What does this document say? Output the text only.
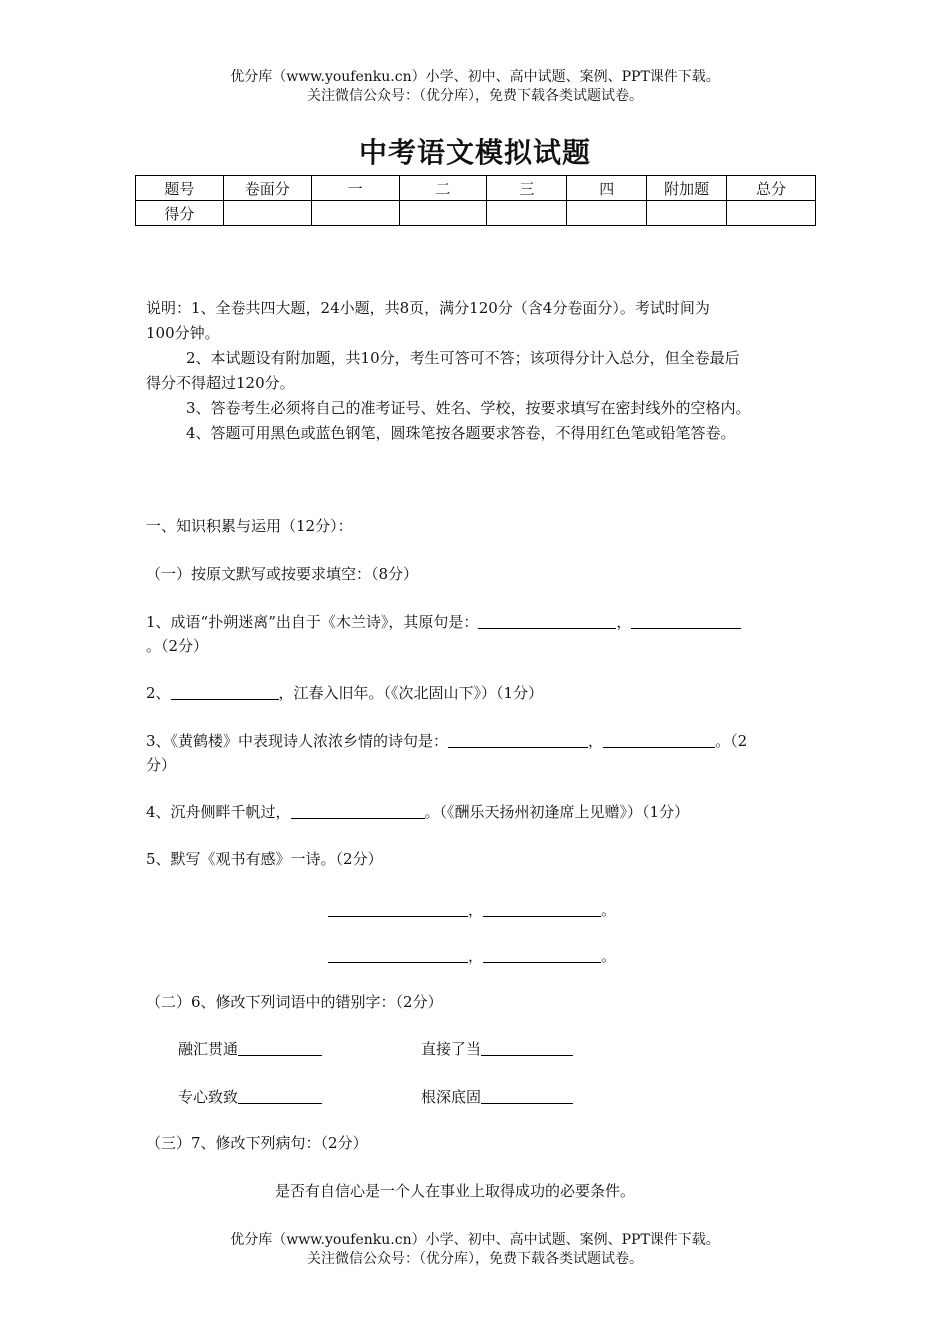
优分库（www.youfenku.cn）小学、初中、高中试题、案例、PPT课件下载。
关注微信公众号：（优分库），免费下载各类试题试卷。
中考语文模拟试题
题号	卷面分	一	二	三	四	附加题	总分
得分							
说明：1、全卷共四大题，24小题，共8页，满分120分（含4分卷面分）。考试时间为
100分钟。
2、本试题设有附加题，共10分，考生可答可不答；该项得分计入总分，但全卷最后
得分不得超过120分。
3、答卷考生必须将自己的准考证号、姓名、学校，按要求填写在密封线外的空格内。
4、答题可用黑色或蓝色钢笔，圆珠笔按各题要求答卷，不得用红色笔或铅笔答卷。
一、知识积累与运用（12分）：
（一）按原文默写或按要求填空：（8分）
1、成语“扑朔迷离”出自于《木兰诗》，其原句是：	，
。（2分）
2、	，江春入旧年。（《次北固山下》）（1分）
3、《黄鹤楼》中表现诗人浓浓乡情的诗句是：	，	。（2
分）
4、沉舟侧畔千帆过，	。（《酬乐天扬州初逢席上见赠》）（1分）
5、默写《观书有感》一诗。（2分）
，	。
，	。
（二）6、修改下列词语中的错别字：（2分）
融汇贯通	直接了当
专心致致	根深底固
（三）7、修改下列病句：（2分）
是否有自信心是一个人在事业上取得成功的必要条件。
优分库（www.youfenku.cn）小学、初中、高中试题、案例、PPT课件下载。
关注微信公众号：（优分库），免费下载各类试题试卷。
